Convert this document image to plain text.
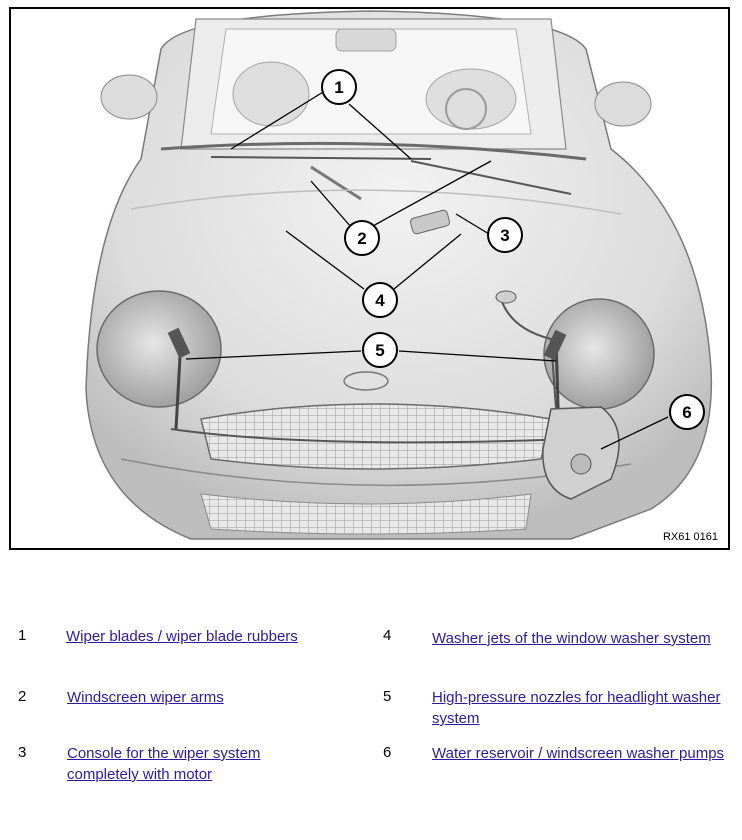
1
2	3
4
5
6
RX61 0161
1	Wiper blades / wiper blade rubbers
2	Windscreen wiper arms
3	Console for the wiper system completely with motor
4	Washer jets of the window washer system
5	High-pressure nozzles for headlight washer system
6	Water reservoir / windscreen washer pumps
